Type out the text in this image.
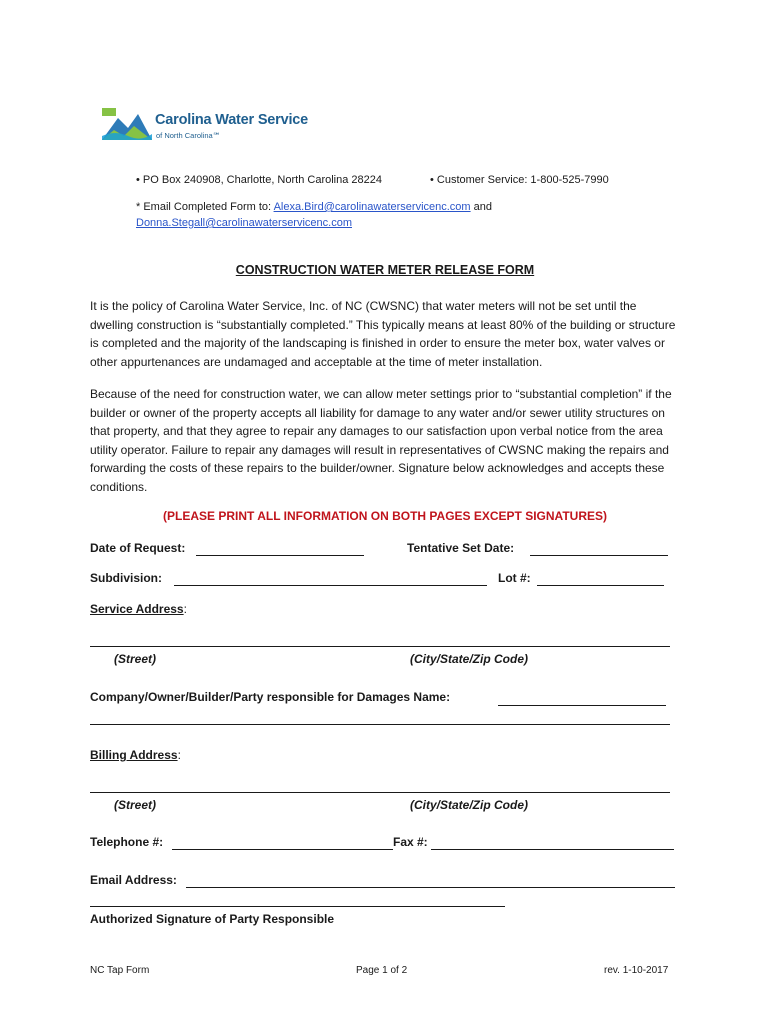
Carolina Water Service
of North Carolina℠
• PO Box 240908, Charlotte, North Carolina 28224	• Customer Service: 1-800-525-7990
* Email Completed Form to: Alexa.Bird@carolinawaterservicenc.com and
Donna.Stegall@carolinawaterservicenc.com
CONSTRUCTION WATER METER RELEASE FORM
It is the policy of Carolina Water Service, Inc. of NC (CWSNC) that water meters will not be set until the dwelling construction is “substantially completed.” This typically means at least 80% of the building or structure is completed and the majority of the landscaping is finished in order to ensure the meter box, water valves or other appurtenances are undamaged and acceptable at the time of meter installation.
Because of the need for construction water, we can allow meter settings prior to “substantial completion” if the builder or owner of the property accepts all liability for damage to any water and/or sewer utility structures on that property, and that they agree to repair any damages to our satisfaction upon verbal notice from the area utility operator. Failure to repair any damages will result in representatives of CWSNC making the repairs and forwarding the costs of these repairs to the builder/owner. Signature below acknowledges and accepts these conditions.
(PLEASE PRINT ALL INFORMATION ON BOTH PAGES EXCEPT SIGNATURES)
Date of Request:	Tentative Set Date:
Subdivision:	Lot #:
Service Address:
(Street)	(City/State/Zip Code)
Company/Owner/Builder/Party responsible for Damages Name:
Billing Address:
(Street)	(City/State/Zip Code)
Telephone #:	Fax #:
Email Address:
Authorized Signature of Party Responsible
NC Tap Form	Page 1 of 2	rev. 1-10-2017
